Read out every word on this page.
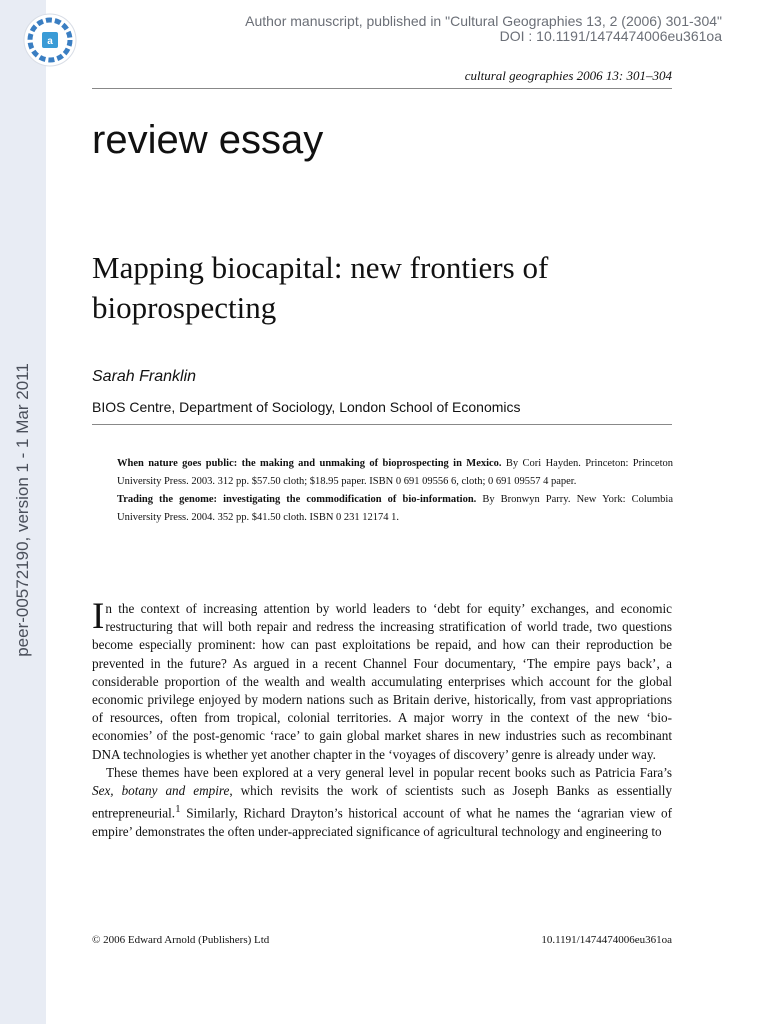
peer-00572190, version 1 - 1 Mar 2011
a
Author manuscript, published in "Cultural Geographies 13, 2 (2006) 301-304"
DOI : 10.1191/1474474006eu361oa
cultural geographies 2006 13: 301–304
review essay
Mapping biocapital: new frontiers of bioprospecting
Sarah Franklin
BIOS Centre, Department of Sociology, London School of Economics

When nature goes public: the making and unmaking of bioprospecting in Mexico. By Cori Hayden. Princeton: Princeton University Press. 2003. 312 pp. $57.50 cloth; $18.95 paper. ISBN 0 691 09556 6, cloth; 0 691 09557 4 paper.

Trading the genome: investigating the commodification of bio-information. By Bronwyn Parry. New York: Columbia University Press. 2004. 352 pp. $41.50 cloth. ISBN 0 231 12174 1.

In the context of increasing attention by world leaders to ‘debt for equity’ exchanges, and economic restructuring that will both repair and redress the increasing stratification of world trade, two questions become especially prominent: how can past exploitations be repaid, and how can their reproduction be prevented in the future? As argued in a recent Channel Four documentary, ‘The empire pays back’, a considerable proportion of the wealth and wealth accumulating enterprises which account for the global economic privilege enjoyed by modern nations such as Britain derive, historically, from vast appropriations of resources, often from tropical, colonial territories. A major worry in the context of the new ‘bio-economies’ of the post-genomic ‘race’ to gain global market shares in new industries such as recombinant DNA technologies is whether yet another chapter in the ‘voyages of discovery’ genre is already under way.

These themes have been explored at a very general level in popular recent books such as Patricia Fara’s Sex, botany and empire, which revisits the work of scientists such as Joseph Banks as essentially entrepreneurial.$^1$ Similarly, Richard Drayton’s historical account of what he names the ‘agrarian view of empire’ demonstrates the often under-appreciated significance of agricultural technology and engineering to

© 2006 Edward Arnold (Publishers) Ltd	10.1191/1474474006eu361oa
